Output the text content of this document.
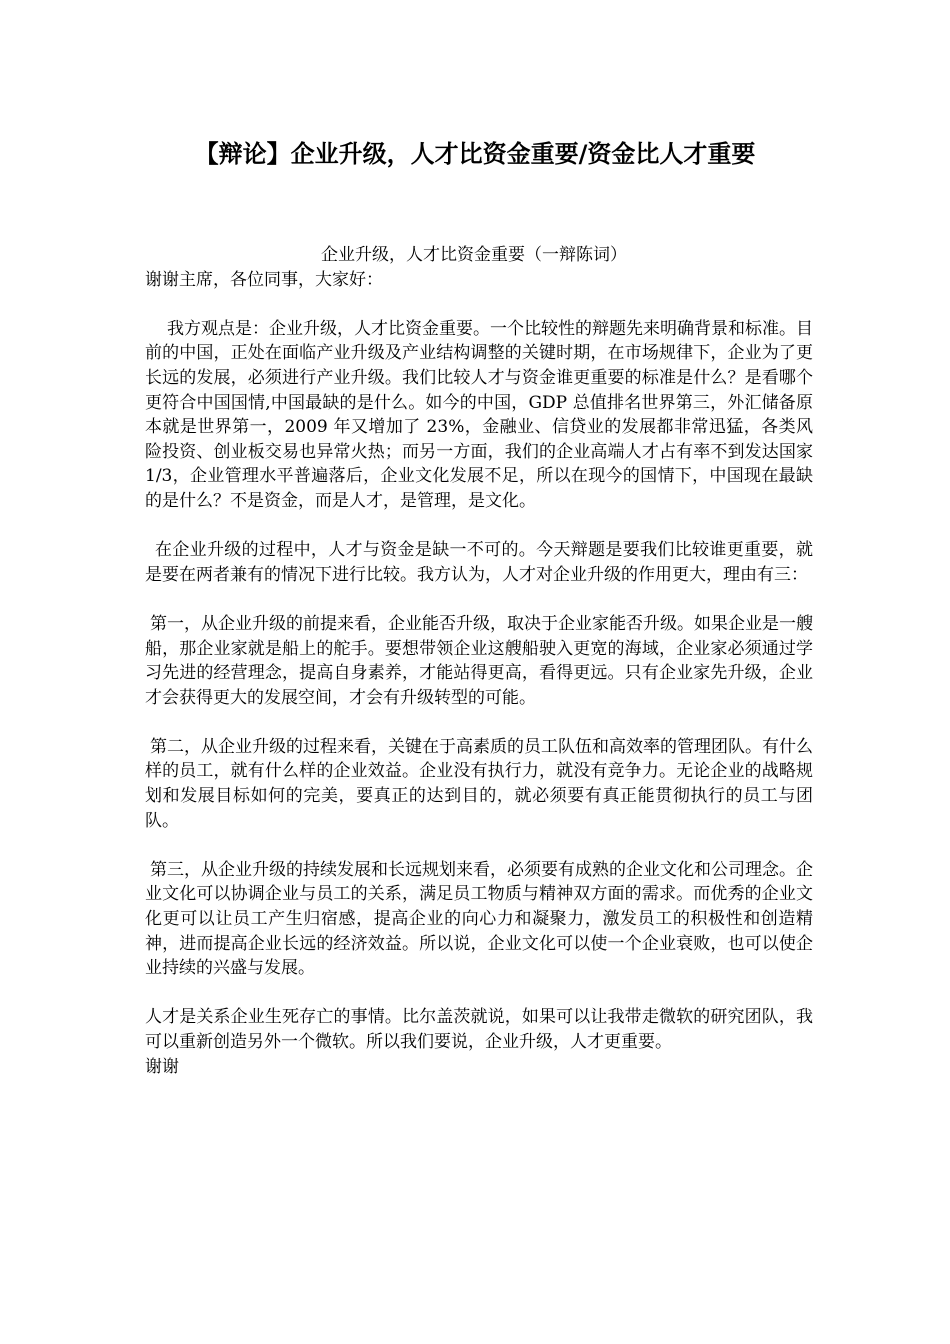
【辩论】企业升级，人才比资金重要/资金比人才重要

企业升级，人才比资金重要（一辩陈词）

谢谢主席，各位同事，大家好：

我方观点是：企业升级，人才比资金重要。一个比较性的辩题先来明确背景和标准。目前的中国，正处在面临产业升级及产业结构调整的关键时期，在市场规律下，企业为了更长远的发展，必须进行产业升级。我们比较人才与资金谁更重要的标准是什么？是看哪个更符合中国国情,中国最缺的是什么。如今的中国，GDP 总值排名世界第三，外汇储备原本就是世界第一，2009 年又增加了 23%，金融业、信贷业的发展都非常迅猛，各类风险投资、创业板交易也异常火热；而另一方面，我们的企业高端人才占有率不到发达国家 1/3，企业管理水平普遍落后，企业文化发展不足，所以在现今的国情下，中国现在最缺的是什么？不是资金，而是人才，是管理，是文化。

在企业升级的过程中，人才与资金是缺一不可的。今天辩题是要我们比较谁更重要，就是要在两者兼有的情况下进行比较。我方认为，人才对企业升级的作用更大，理由有三：

第一，从企业升级的前提来看，企业能否升级，取决于企业家能否升级。如果企业是一艘船，那企业家就是船上的舵手。要想带领企业这艘船驶入更宽的海域，企业家必须通过学习先进的经营理念，提高自身素养，才能站得更高，看得更远。只有企业家先升级，企业才会获得更大的发展空间，才会有升级转型的可能。

第二，从企业升级的过程来看，关键在于高素质的员工队伍和高效率的管理团队。有什么样的员工，就有什么样的企业效益。企业没有执行力，就没有竞争力。无论企业的战略规划和发展目标如何的完美，要真正的达到目的，就必须要有真正能贯彻执行的员工与团队。

第三，从企业升级的持续发展和长远规划来看，必须要有成熟的企业文化和公司理念。企业文化可以协调企业与员工的关系，满足员工物质与精神双方面的需求。而优秀的企业文化更可以让员工产生归宿感，提高企业的向心力和凝聚力，激发员工的积极性和创造精神，进而提高企业长远的经济效益。所以说，企业文化可以使一个企业衰败，也可以使企业持续的兴盛与发展。

人才是关系企业生死存亡的事情。比尔盖茨就说，如果可以让我带走微软的研究团队，我可以重新创造另外一个微软。所以我们要说，企业升级，人才更重要。

谢谢
